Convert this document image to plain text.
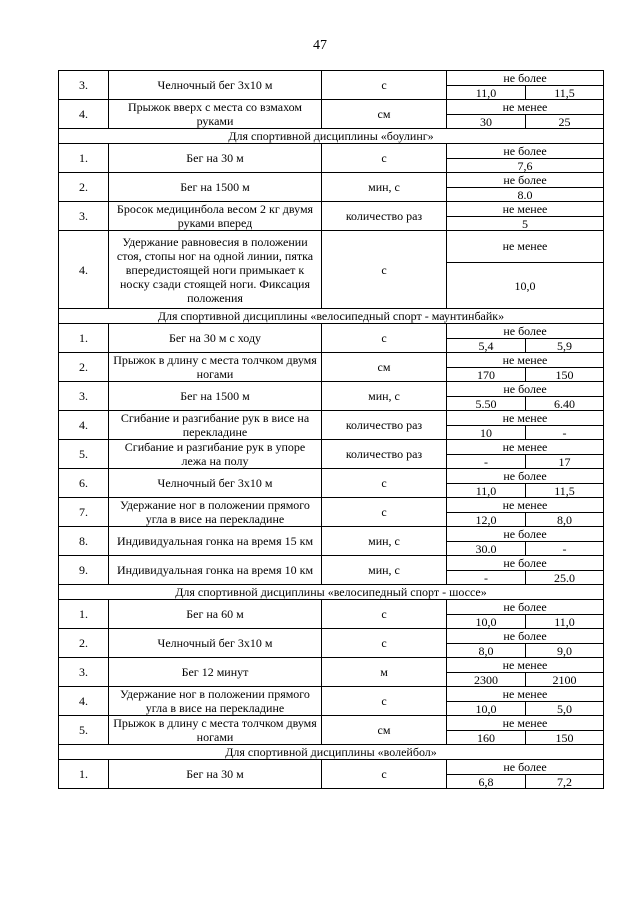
47
3.	Челночный бег 3х10 м	с	не более	
			11,0	11,5
4.	Прыжок вверх с места со взмахом руками	см	не менее	
			30	25
Для спортивной дисциплины «боулинг»				
1.	Бег на 30 м	с	не более	
			7,6	
2.	Бег на 1500 м	мин, с	не более	
			8.0	
3.	Бросок медицинбола весом 2 кг двумя руками вперед	количество раз	не менее	
			5	
4.	Удержание равновесия в положении стоя, стопы ног на одной линии, пятка впередистоящей ноги примыкает к носку сзади стоящей ноги. Фиксация положения	с	не менее	
			10,0	
Для спортивной дисциплины «велосипедный спорт - маунтинбайк»				
1.	Бег на 30 м с ходу	с	не более	
			5,4	5,9
2.	Прыжок в длину с места толчком двумя ногами	см	не менее	
			170	150
3.	Бег на 1500 м	мин, с	не более	
			5.50	6.40
4.	Сгибание и разгибание рук в висе на перекладине	количество раз	не менее	
			10	-
5.	Сгибание и разгибание рук в упоре лежа на полу	количество раз	не менее	
			-	17
6.	Челночный бег 3х10 м	с	не более	
			11,0	11,5
7.	Удержание ног в положении прямого угла в висе на перекладине	с	не менее	
			12,0	8,0
8.	Индивидуальная гонка на время 15 км	мин, с	не более	
			30.0	-
9.	Индивидуальная гонка на время 10 км	мин, с	не более	
			-	25.0
Для спортивной дисциплины «велосипедный спорт - шоссе»				
1.	Бег на 60 м	с	не более	
			10,0	11,0
2.	Челночный бег 3х10 м	с	не более	
			8,0	9,0
3.	Бег 12 минут	м	не менее	
			2300	2100
4.	Удержание ног в положении прямого угла в висе на перекладине	с	не менее	
			10,0	5,0
5.	Прыжок в длину с места толчком двумя ногами	см	не менее	
			160	150
Для спортивной дисциплины «волейбол»				
1.	Бег на 30 м	с	не более	
			6,8	7,2
